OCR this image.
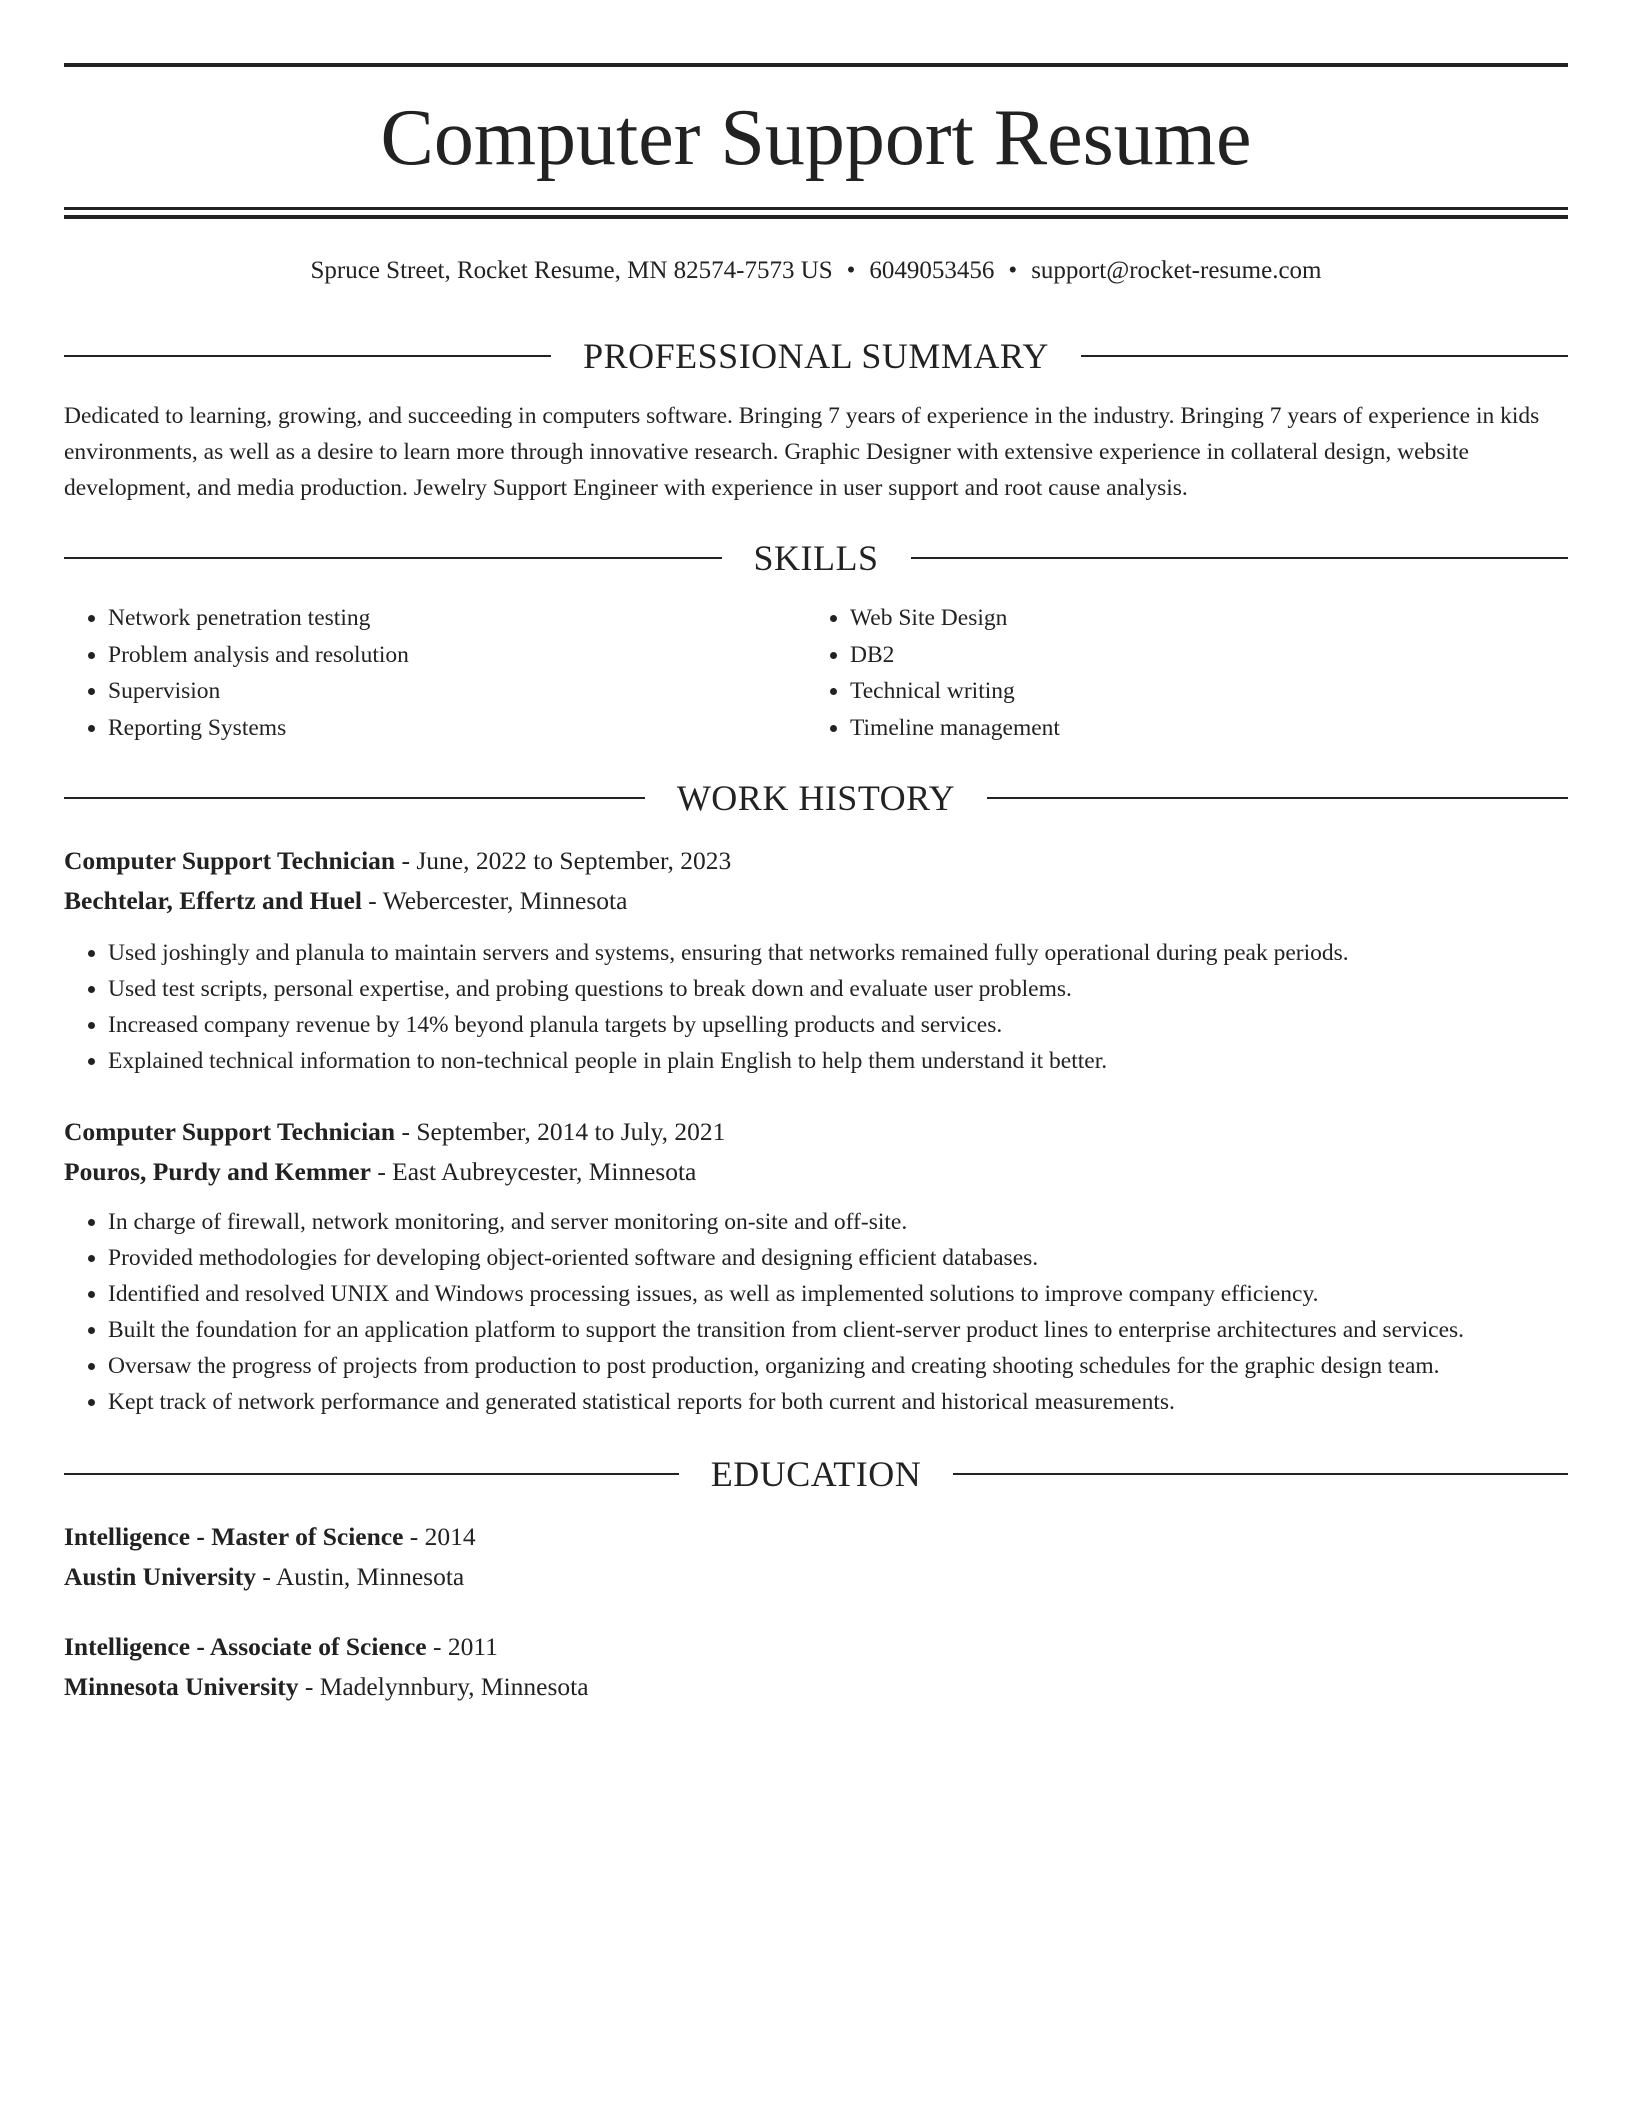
Computer Support Resume
Spruce Street, Rocket Resume, MN 82574-7573 US • 6049053456 • support@rocket-resume.com
PROFESSIONAL SUMMARY

Dedicated to learning, growing, and succeeding in computers software. Bringing 7 years of experience in the industry. Bringing 7 years of experience in kids environments, as well as a desire to learn more through innovative research. Graphic Designer with extensive experience in collateral design, website development, and media production. Jewelry Support Engineer with experience in user support and root cause analysis.

SKILLS
• Network penetration testing
• Problem analysis and resolution
• Supervision
• Reporting Systems
• Web Site Design
• DB2
• Technical writing
• Timeline management
WORK HISTORY
Computer Support Technician - June, 2022 to September, 2023
Bechtelar, Effertz and Huel - Webercester, Minnesota
• Used joshingly and planula to maintain servers and systems, ensuring that networks remained fully operational during peak periods.
• Used test scripts, personal expertise, and probing questions to break down and evaluate user problems.
• Increased company revenue by 14% beyond planula targets by upselling products and services.
• Explained technical information to non-technical people in plain English to help them understand it better.
Computer Support Technician - September, 2014 to July, 2021
Pouros, Purdy and Kemmer - East Aubreycester, Minnesota
• In charge of firewall, network monitoring, and server monitoring on-site and off-site.
• Provided methodologies for developing object-oriented software and designing efficient databases.
• Identified and resolved UNIX and Windows processing issues, as well as implemented solutions to improve company efficiency.
• Built the foundation for an application platform to support the transition from client-server product lines to enterprise architectures and services.
• Oversaw the progress of projects from production to post production, organizing and creating shooting schedules for the graphic design team.
• Kept track of network performance and generated statistical reports for both current and historical measurements.
EDUCATION
Intelligence - Master of Science - 2014
Austin University - Austin, Minnesota
Intelligence - Associate of Science - 2011
Minnesota University - Madelynnbury, Minnesota
